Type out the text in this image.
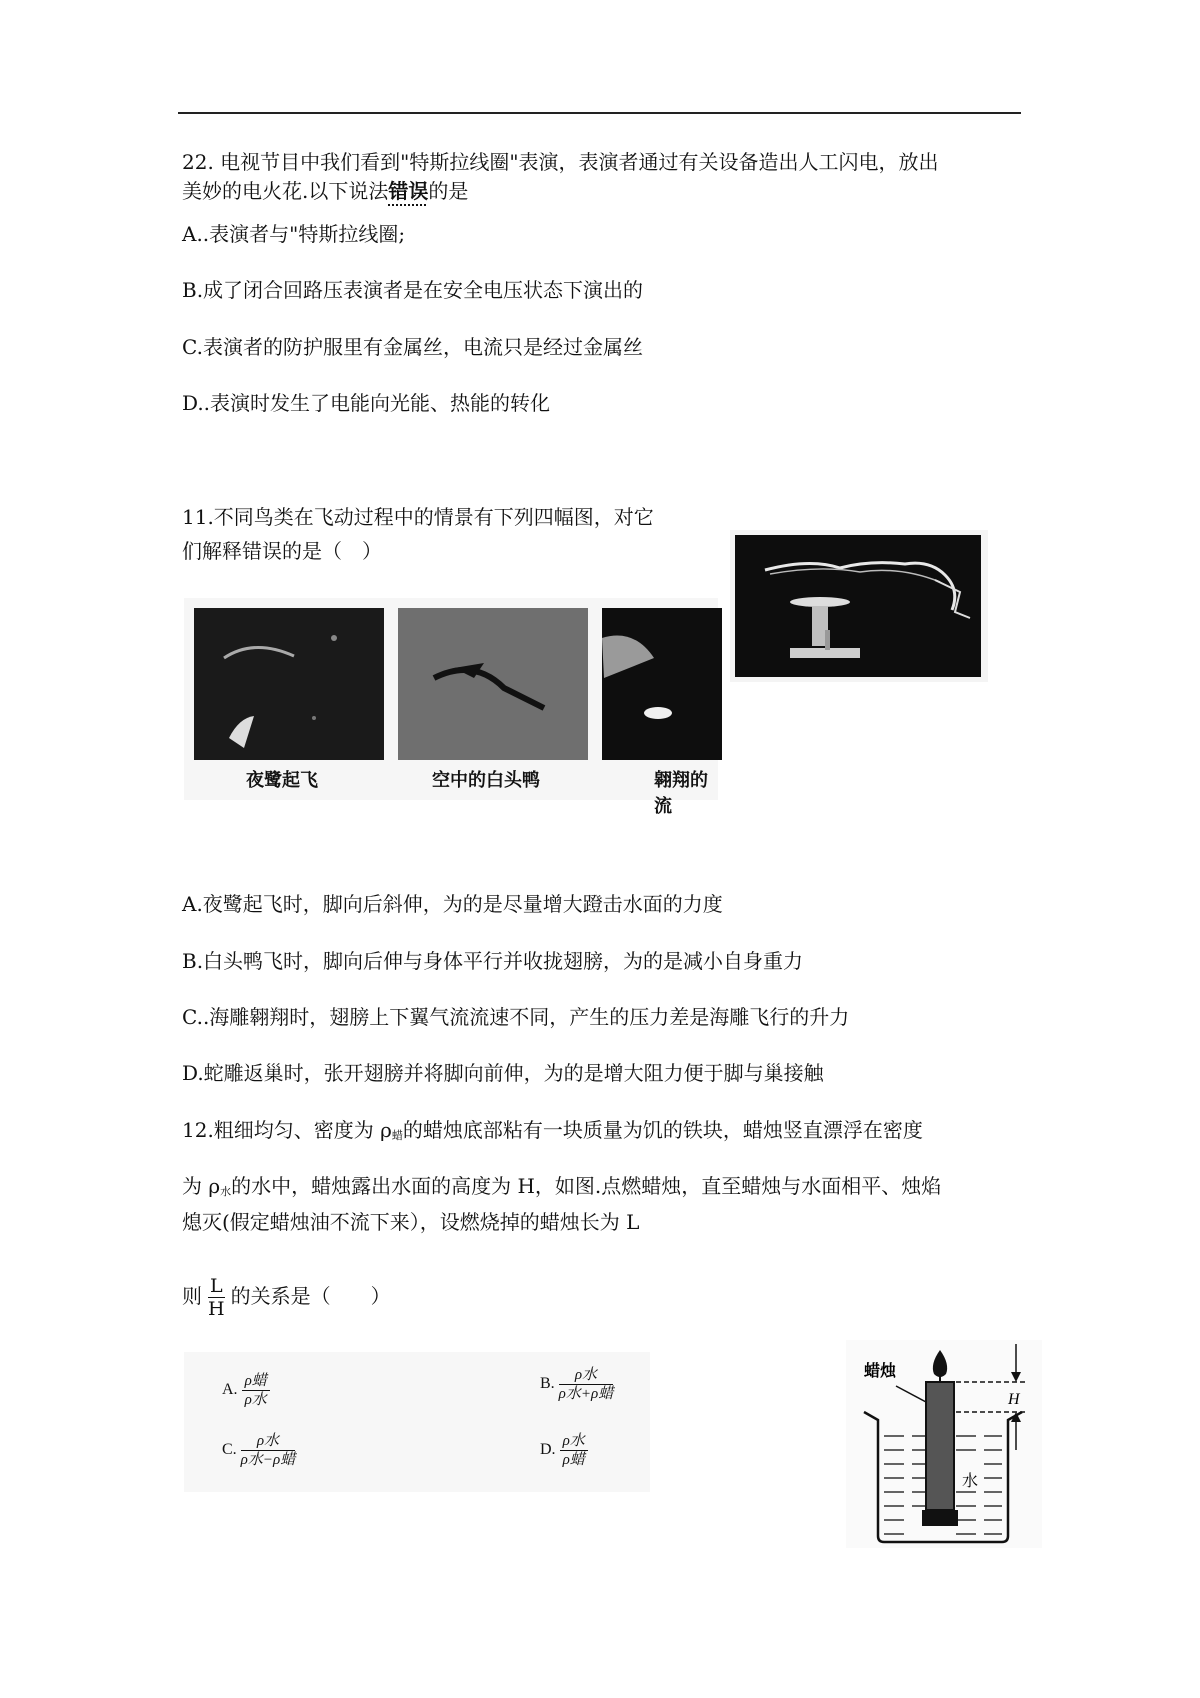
22. 电视节目中我们看到"特斯拉线圈"表演，表演者通过有关设备造出人工闪电，放出
美妙的电火花.以下说法错误的是
A..表演者与"特斯拉线圈;
B.成了闭合回路压表演者是在安全电压状态下演出的
C.表演者的防护服里有金属丝，电流只是经过金属丝
D..表演时发生了电能向光能、热能的转化
11.不同鸟类在飞动过程中的情景有下列四幅图，对它
们解释错误的是（　）
夜鹭起飞	空中的白头鸭	翱翔的流
A.夜鹭起飞时，脚向后斜伸，为的是尽量增大蹬击水面的力度
B.白头鸭飞时，脚向后伸与身体平行并收拢翅膀，为的是减小自身重力
C..海雕翱翔时，翅膀上下翼气流流速不同，产生的压力差是海雕飞行的升力
D.蛇雕返巢时，张开翅膀并将脚向前伸，为的是增大阻力便于脚与巢接触
12.粗细均匀、密度为 ρ蜡的蜡烛底部粘有一块质量为饥的铁块，蜡烛竖直漂浮在密度
为 ρ水的水中，蜡烛露出水面的高度为 H，如图.点燃蜡烛，直至蜡烛与水面相平、烛焰
熄灭(假定蜡烛油不流下来），设燃烧掉的蜡烛长为 L
则 $\frac{L}{H}$ 的关系是（　　）
A.
ρ蜡
ρ水
B.
ρ水
ρ水+ρ蜡
C.
ρ水
ρ水−ρ蜡
D.
ρ水
ρ蜡
蜡烛
H
水
